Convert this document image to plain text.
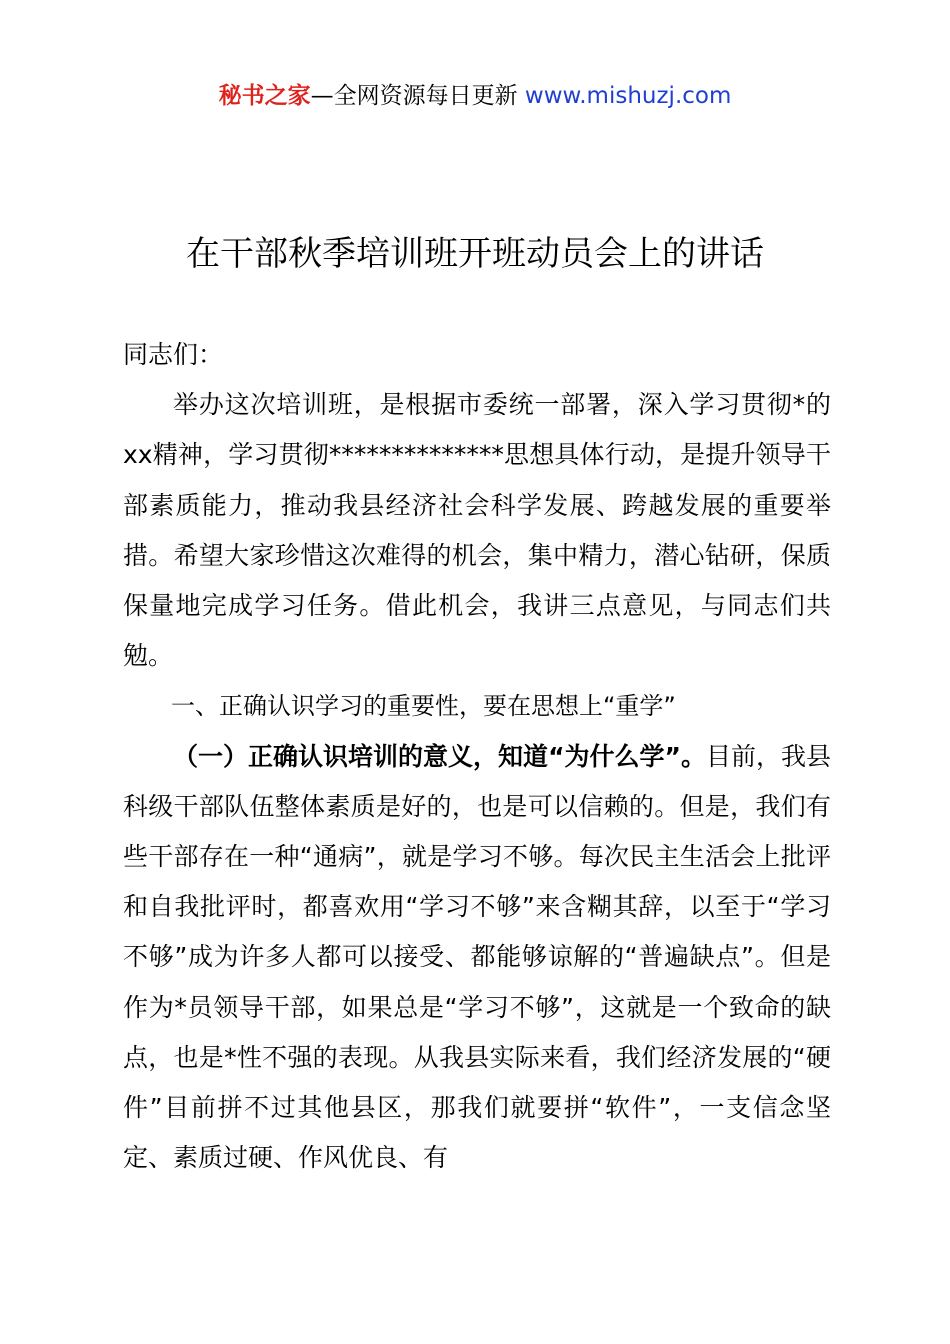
秘书之家—全网资源每日更新 www.mishuzj.com
在干部秋季培训班开班动员会上的讲话

同志们：

举办这次培训班，是根据市委统一部署，深入学习贯彻*的xx精神，学习贯彻**************思想具体行动，是提升领导干部素质能力，推动我县经济社会科学发展、跨越发展的重要举措。希望大家珍惜这次难得的机会，集中精力，潜心钻研，保质保量地完成学习任务。借此机会，我讲三点意见，与同志们共勉。

一、正确认识学习的重要性，要在思想上“重学”

（一）正确认识培训的意义，知道“为什么学”。目前，我县科级干部队伍整体素质是好的，也是可以信赖的。但是，我们有些干部存在一种“通病”，就是学习不够。每次民主生活会上批评和自我批评时，都喜欢用“学习不够”来含糊其辞，以至于“学习不够”成为许多人都可以接受、都能够谅解的“普遍缺点”。但是作为*员领导干部，如果总是“学习不够”，这就是一个致命的缺点，也是*性不强的表现。从我县实际来看，我们经济发展的“硬件”目前拼不过其他县区，那我们就要拼“软件”，一支信念坚定、素质过硬、作风优良、有
